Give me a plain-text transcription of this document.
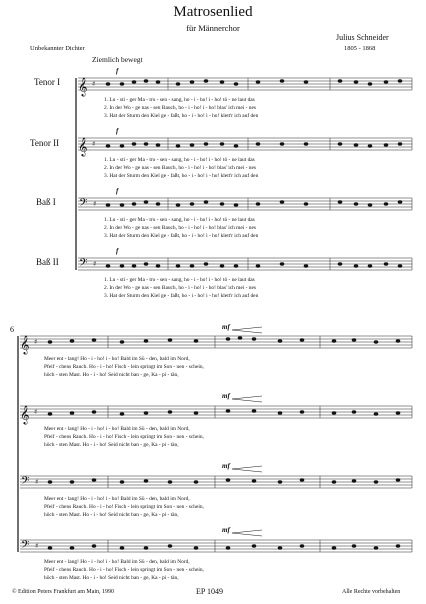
Matrosenlied
für Männerchor
Unbekannter Dichter
Julius Schneider
1805 - 1868
Ziemlich bewegt
Tenor I
Tenor II
Baß I
Baß II
𝄞
𝄞
𝄢
𝄢
♯
♯
♯
♯
f
f
f
f
1. Lu - sti - ger Ma - tro - sen - sang, ho - i - ho! i - ho! tö - ne laut das
2. In der Wo - ge nas - sen Bauch, ho - i - ho! i - ho! blas' ich mei - nes
3. Hat der Sturm den Kiel ge - faßt, ho - i - ho! i - ho! klett'r ich auf den
1. Lu - sti - ger Ma - tro - sen - sang, ho - i - ho! i - ho! tö - ne laut das
2. In der Wo - ge nas - sen Bauch, ho - i - ho! i - ho! blas' ich mei - nes
3. Hat der Sturm den Kiel ge - faßt, ho - i - ho! i - ho! klett'r ich auf den
1. Lu - sti - ger Ma - tro - sen - sang, ho - i - ho! i - ho! tö - ne laut das
2. In der Wo - ge nas - sen Bauch, ho - i - ho! i - ho! blas' ich mei - nes
3. Hat der Sturm den Kiel ge - faßt, ho - i - ho! i - ho! klett'r ich auf den
1. Lu - sti - ger Ma - tro - sen - sang, ho - i - ho! i - ho! tö - ne laut das
2. In der Wo - ge nas - sen Bauch, ho - i - ho! i - ho! blas' ich mei - nes
3. Hat der Sturm den Kiel ge - faßt, ho - i - ho! i - ho! klett'r ich auf den
6
𝄞
𝄞
𝄢
𝄢
♯
♯
♯
♯
mf
mf
mf
mf
Meer ent - lang! Ho - i - ho! i - ho! Bald im Sü - den, bald im Nord,
Pfeif - chens Rauch. Ho - i - ho! Fisch - lein springt im Son - nen - schein,
höch - sten Mast. Ho - i - ho! Seid nicht ban - ge, Ka - pi - tän,
Meer ent - lang! Ho - i - ho! i - ho! Bald im Sü - den, bald im Nord,
Pfeif - chens Rauch. Ho - i - ho! Fisch - lein springt im Son - nen - schein,
höch - sten Mast. Ho - i - ho! Seid nicht ban - ge, Ka - pi - tän,
Meer ent - lang! Ho - i - ho! i - ho! Bald im Sü - den, bald im Nord,
Pfeif - chens Rauch. Ho - i - ho! Fisch - lein springt im Son - nen - schein,
höch - sten Mast. Ho - i - ho! Seid nicht ban - ge, Ka - pi - tän,
Meer ent - lang! Ho - i - ho! i - ho! Bald im Sü - den, bald im Nord,
Pfeif - chens Rauch. Ho - i - ho! Fisch - lein springt im Son - nen - schein,
höch - sten Mast. Ho - i - ho! Seid nicht ban - ge, Ka - pi - tän,
© Edition Peters Frankfurt am Main, 1990	EP 1049	Alle Rechte vorbehalten
